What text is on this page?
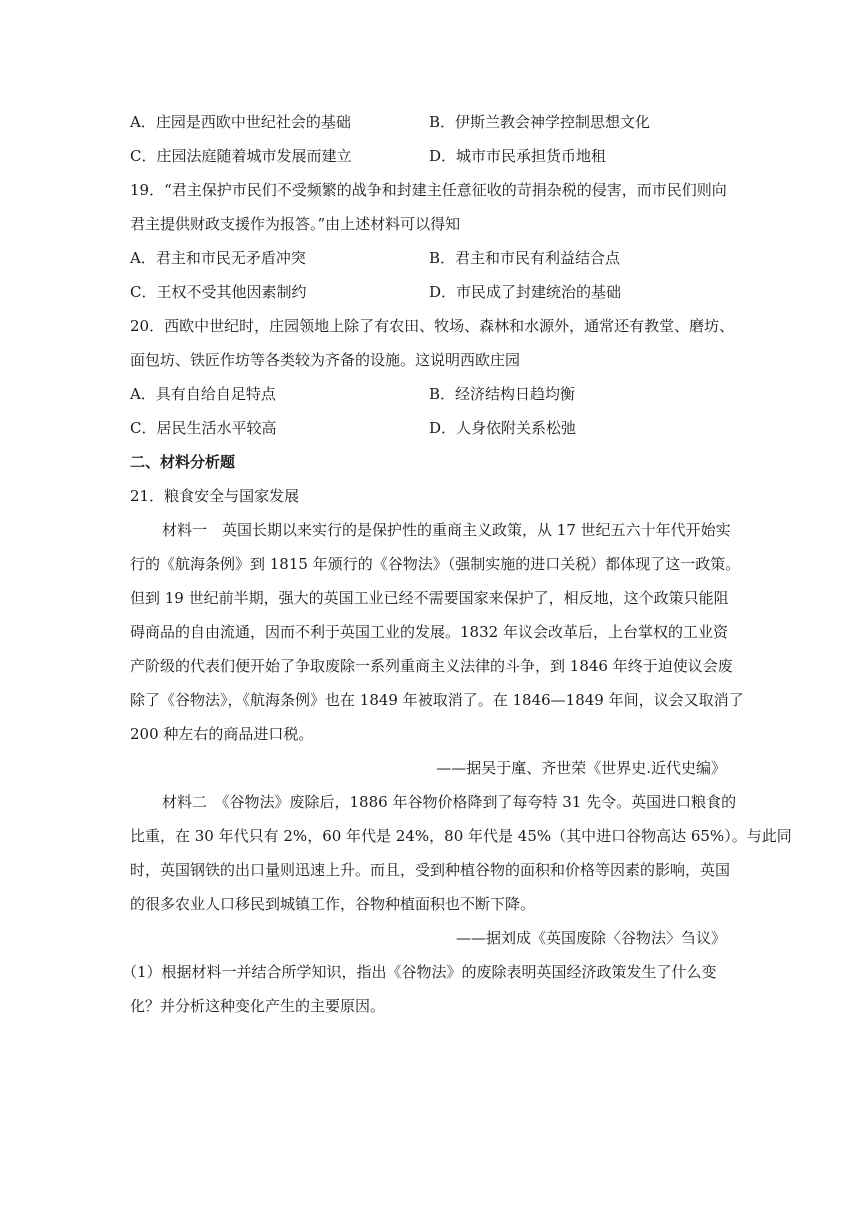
A．庄园是西欧中世纪社会的基础	B．伊斯兰教会神学控制思想文化
C．庄园法庭随着城市发展而建立	D．城市市民承担货币地租
19．“君主保护市民们不受频繁的战争和封建主任意征收的苛捐杂税的侵害，而市民们则向
君主提供财政支援作为报答。”由上述材料可以得知
A．君主和市民无矛盾冲突	B．君主和市民有利益结合点
C．王权不受其他因素制约	D．市民成了封建统治的基础
20．西欧中世纪时，庄园领地上除了有农田、牧场、森林和水源外，通常还有教堂、磨坊、
面包坊、铁匠作坊等各类较为齐备的设施。这说明西欧庄园
A．具有自给自足特点	B．经济结构日趋均衡
C．居民生活水平较高	D．人身依附关系松弛
二、材料分析题
21．粮食安全与国家发展
材料一　英国长期以来实行的是保护性的重商主义政策，从 17 世纪五六十年代开始实
行的《航海条例》到 1815 年颁行的《谷物法》（强制实施的进口关税）都体现了这一政策。
但到 19 世纪前半期，强大的英国工业已经不需要国家来保护了，相反地，这个政策只能阻
碍商品的自由流通，因而不利于英国工业的发展。1832 年议会改革后，上台掌权的工业资
产阶级的代表们便开始了争取废除一系列重商主义法律的斗争，到 1846 年终于迫使议会废
除了《谷物法》，《航海条例》也在 1849 年被取消了。在 1846—1849 年间，议会又取消了
200 种左右的商品进口税。
——据吴于廑、齐世荣《世界史.近代史编》
材料二　《谷物法》废除后，1886 年谷物价格降到了每夸特 31 先令。英国进口粮食的
比重，在 30 年代只有 2%，60 年代是 24%，80 年代是 45%（其中进口谷物高达 65%）。与此同
时，英国钢铁的出口量则迅速上升。而且，受到种植谷物的面积和价格等因素的影响，英国
的很多农业人口移民到城镇工作，谷物种植面积也不断下降。
——据刘成《英国废除〈谷物法〉刍议》
（1）根据材料一并结合所学知识，指出《谷物法》的废除表明英国经济政策发生了什么变
化？并分析这种变化产生的主要原因。
